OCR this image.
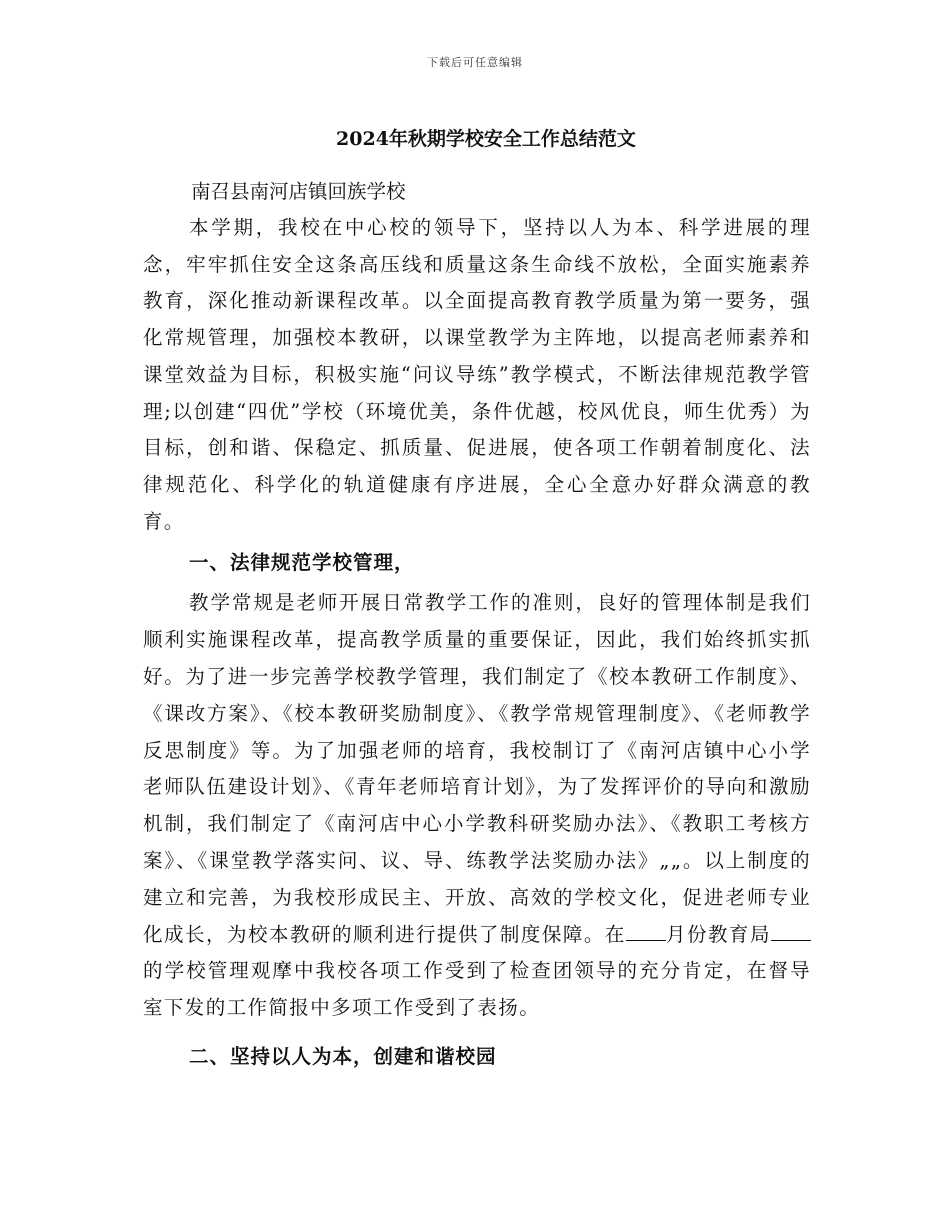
下载后可任意编辑
2024年秋期学校安全工作总结范文

南召县南河店镇回族学校

本学期，我校在中心校的领导下，坚持以人为本、科学进展的理念，牢牢抓住安全这条高压线和质量这条生命线不放松，全面实施素养教育，深化推动新课程改革。以全面提高教育教学质量为第一要务，强化常规管理，加强校本教研，以课堂教学为主阵地，以提高老师素养和课堂效益为目标，积极实施“问议导练”教学模式，不断法律规范教学管理;以创建“四优”学校（环境优美，条件优越，校风优良，师生优秀）为目标，创和谐、保稳定、抓质量、促进展，使各项工作朝着制度化、法律规范化、科学化的轨道健康有序进展，全心全意办好群众满意的教育。

一、法律规范学校管理，

教学常规是老师开展日常教学工作的准则，良好的管理体制是我们顺利实施课程改革，提高教学质量的重要保证，因此，我们始终抓实抓好。为了进一步完善学校教学管理，我们制定了《校本教研工作制度》、《课改方案》、《校本教研奖励制度》、《教学常规管理制度》、《老师教学反思制度》等。为了加强老师的培育，我校制订了《南河店镇中心小学老师队伍建设计划》、《青年老师培育计划》，为了发挥评价的导向和激励机制，我们制定了《南河店中心小学教科研奖励办法》、《教职工考核方案》、《课堂教学落实问、议、导、练教学法奖励办法》„„。以上制度的建立和完善，为我校形成民主、开放、高效的学校文化，促进老师专业化成长，为校本教研的顺利进行提供了制度保障。在 月份教育局的学校管理观摩中我校各项工作受到了检查团领导的充分肯定，在督导室下发的工作简报中多项工作受到了表扬。

二、坚持以人为本，创建和谐校园
